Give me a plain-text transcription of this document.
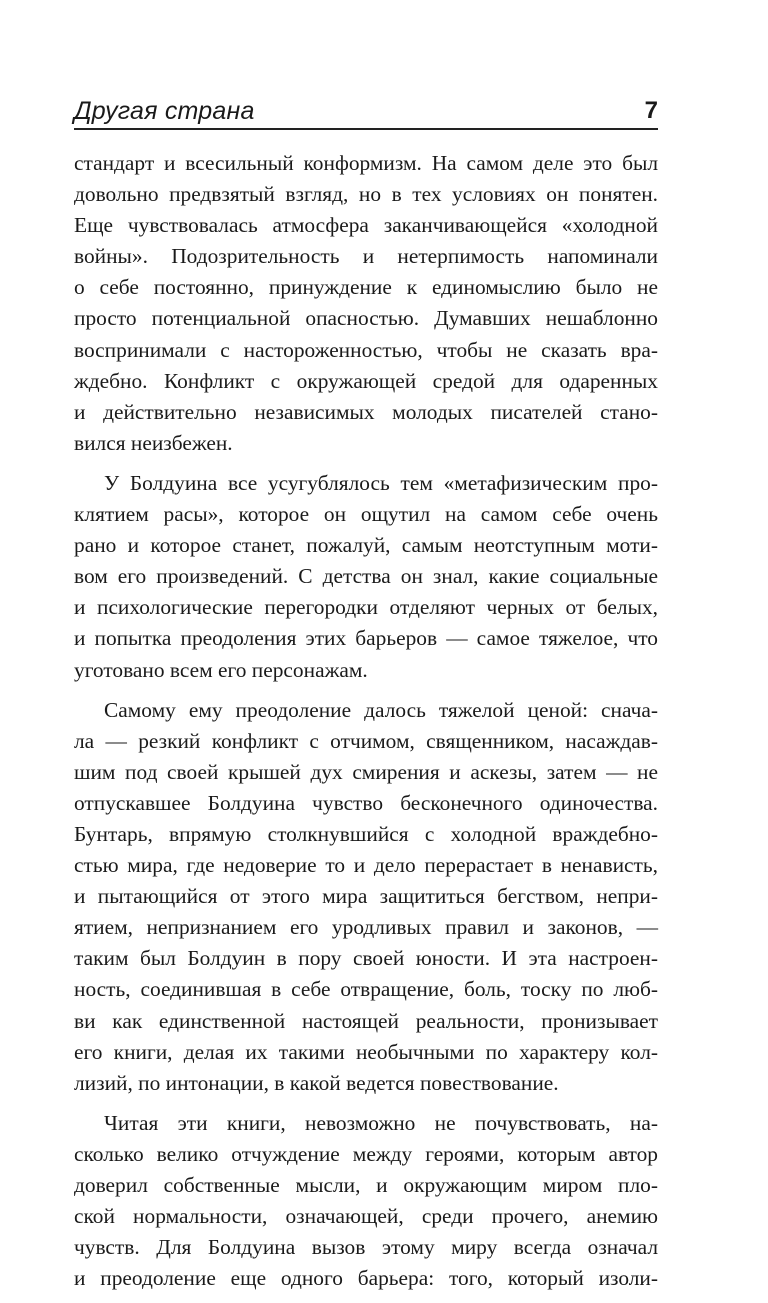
Другая страна	7
стандарт и всесильный конформизм. На самом деле это был
довольно предвзятый взгляд, но в тех условиях он понятен.
Еще чувствовалась атмосфера заканчивающейся «холодной
войны». Подозрительность и нетерпимость напоминали
о себе постоянно, принуждение к единомыслию было не
просто потенциальной опасностью. Думавших нешаблонно
воспринимали с настороженностью, чтобы не сказать вра-
ждебно. Конфликт с окружающей средой для одаренных
и действительно независимых молодых писателей стано-
вился неизбежен.
У Болдуина все усугублялось тем «метафизическим про-
клятием расы», которое он ощутил на самом себе очень
рано и которое станет, пожалуй, самым неотступным моти-
вом его произведений. С детства он знал, какие социальные
и психологические перегородки отделяют черных от белых,
и попытка преодоления этих барьеров — самое тяжелое, что
уготовано всем его персонажам.
Самому ему преодоление далось тяжелой ценой: снача-
ла — резкий конфликт с отчимом, священником, насаждав-
шим под своей крышей дух смирения и аскезы, затем — не
отпускавшее Болдуина чувство бесконечного одиночества.
Бунтарь, впрямую столкнувшийся с холодной враждебно-
стью мира, где недоверие то и дело перерастает в ненависть,
и пытающийся от этого мира защититься бегством, непри-
ятием, непризнанием его уродливых правил и законов, —
таким был Болдуин в пору своей юности. И эта настроен-
ность, соединившая в себе отвращение, боль, тоску по люб-
ви как единственной настоящей реальности, пронизывает
его книги, делая их такими необычными по характеру кол-
лизий, по интонации, в какой ведется повествование.
Читая эти книги, невозможно не почувствовать, на-
сколько велико отчуждение между героями, которым автор
доверил собственные мысли, и окружающим миром пло-
ской нормальности, означающей, среди прочего, анемию
чувств. Для Болдуина вызов этому миру всегда означал
и преодоление еще одного барьера: того, который изоли-
